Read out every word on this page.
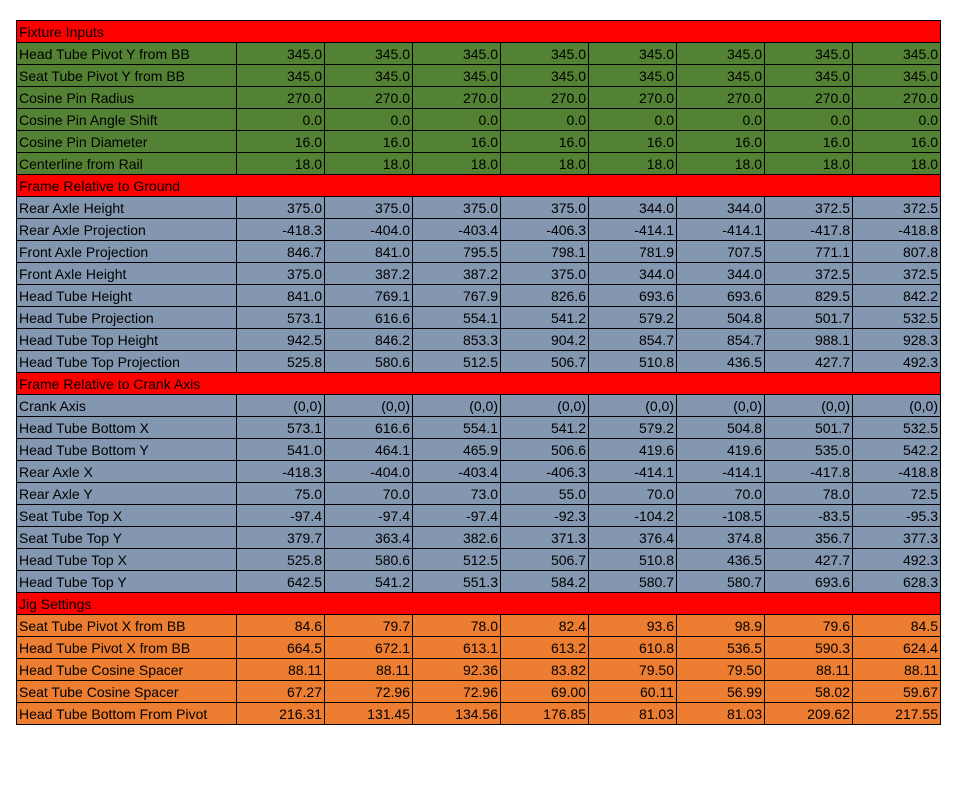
Fixture Inputs								
Head Tube Pivot Y from BB	345.0	345.0	345.0	345.0	345.0	345.0	345.0	345.0
Seat Tube Pivot Y from BB	345.0	345.0	345.0	345.0	345.0	345.0	345.0	345.0
Cosine Pin Radius	270.0	270.0	270.0	270.0	270.0	270.0	270.0	270.0
Cosine Pin Angle Shift	0.0	0.0	0.0	0.0	0.0	0.0	0.0	0.0
Cosine Pin Diameter	16.0	16.0	16.0	16.0	16.0	16.0	16.0	16.0
Centerline from Rail	18.0	18.0	18.0	18.0	18.0	18.0	18.0	18.0
Frame Relative to Ground								
Rear Axle Height	375.0	375.0	375.0	375.0	344.0	344.0	372.5	372.5
Rear Axle Projection	-418.3	-404.0	-403.4	-406.3	-414.1	-414.1	-417.8	-418.8
Front Axle Projection	846.7	841.0	795.5	798.1	781.9	707.5	771.1	807.8
Front Axle Height	375.0	387.2	387.2	375.0	344.0	344.0	372.5	372.5
Head Tube Height	841.0	769.1	767.9	826.6	693.6	693.6	829.5	842.2
Head Tube Projection	573.1	616.6	554.1	541.2	579.2	504.8	501.7	532.5
Head Tube Top Height	942.5	846.2	853.3	904.2	854.7	854.7	988.1	928.3
Head Tube Top Projection	525.8	580.6	512.5	506.7	510.8	436.5	427.7	492.3
Frame Relative to Crank Axis								
Crank Axis	(0,0)	(0,0)	(0,0)	(0,0)	(0,0)	(0,0)	(0,0)	(0,0)
Head Tube Bottom X	573.1	616.6	554.1	541.2	579.2	504.8	501.7	532.5
Head Tube Bottom Y	541.0	464.1	465.9	506.6	419.6	419.6	535.0	542.2
Rear Axle X	-418.3	-404.0	-403.4	-406.3	-414.1	-414.1	-417.8	-418.8
Rear Axle Y	75.0	70.0	73.0	55.0	70.0	70.0	78.0	72.5
Seat Tube Top X	-97.4	-97.4	-97.4	-92.3	-104.2	-108.5	-83.5	-95.3
Seat Tube Top Y	379.7	363.4	382.6	371.3	376.4	374.8	356.7	377.3
Head Tube Top X	525.8	580.6	512.5	506.7	510.8	436.5	427.7	492.3
Head Tube Top Y	642.5	541.2	551.3	584.2	580.7	580.7	693.6	628.3
Jig Settings								
Seat Tube Pivot X from BB	84.6	79.7	78.0	82.4	93.6	98.9	79.6	84.5
Head Tube Pivot X from BB	664.5	672.1	613.1	613.2	610.8	536.5	590.3	624.4
Head Tube Cosine Spacer	88.11	88.11	92.36	83.82	79.50	79.50	88.11	88.11
Seat Tube Cosine Spacer	67.27	72.96	72.96	69.00	60.11	56.99	58.02	59.67
Head Tube Bottom From Pivot	216.31	131.45	134.56	176.85	81.03	81.03	209.62	217.55
